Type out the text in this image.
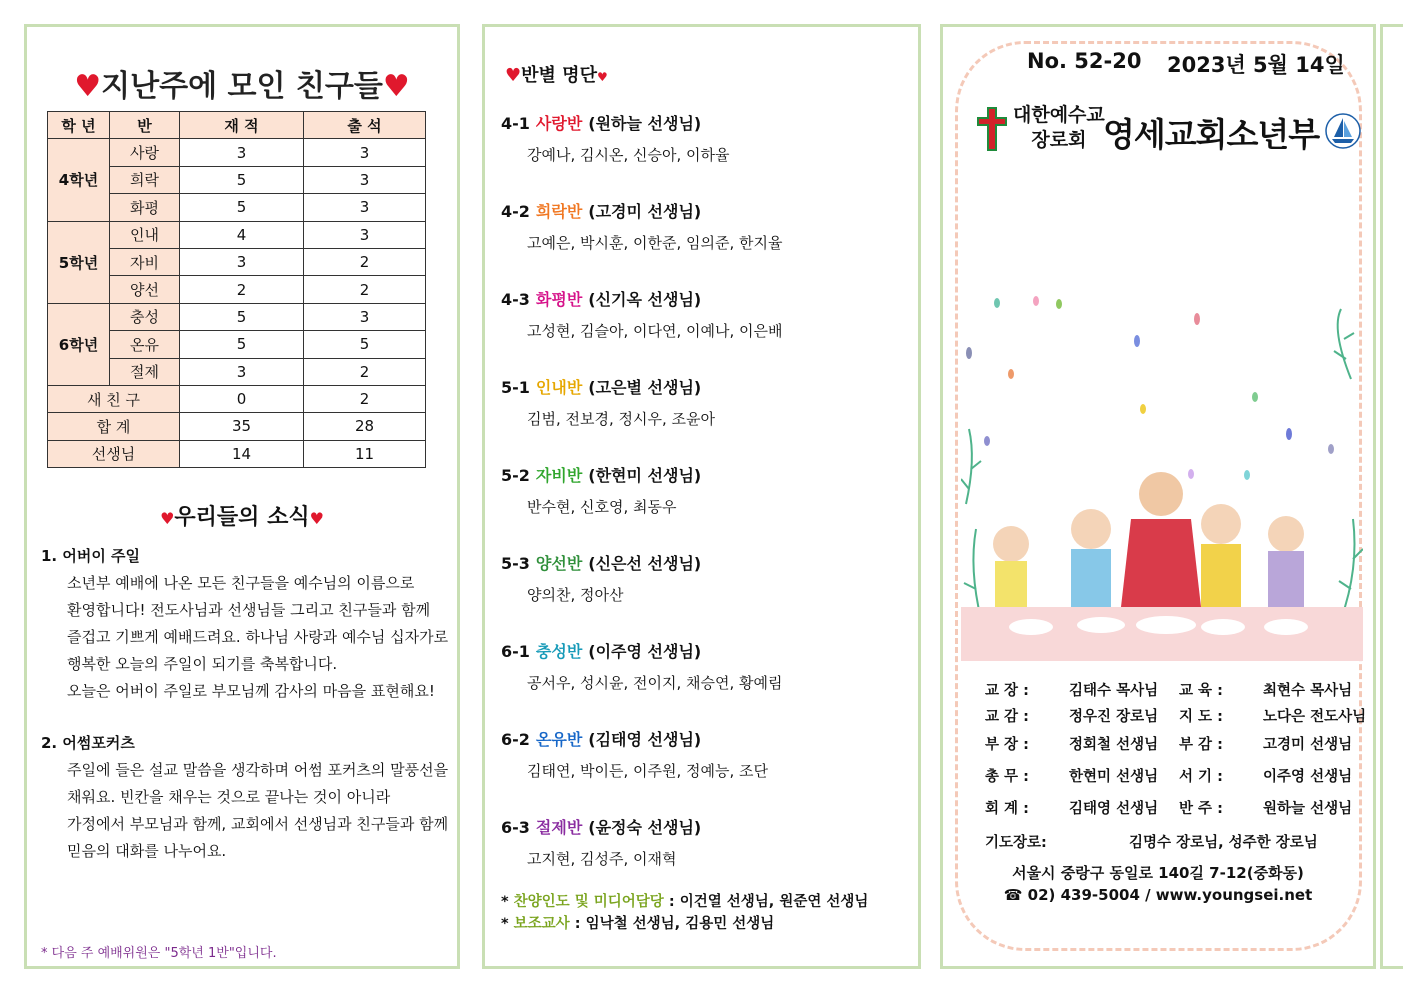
♥지난주에 모인 친구들♥
학 년	반	재 적	출 석
4학년	사랑	3	3
	희락	5	3
	화평	5	3
5학년	인내	4	3
	자비	3	2
	양선	2	2
6학년	충성	5	3
	온유	5	5
	절제	3	2
새 친 구		0	2
합 계		35	28
선생님		14	11
♥우리들의 소식♥
1. 어버이 주일
소년부 예배에 나온 모든 친구들을 예수님의 이름으로
환영합니다! 전도사님과 선생님들 그리고 친구들과 함께
즐겁고 기쁘게 예배드려요. 하나님 사랑과 예수님 십자가로
행복한 오늘의 주일이 되기를 축복합니다.
오늘은 어버이 주일로 부모님께 감사의 마음을 표현해요!
2. 어썸포커츠
주일에 들은 설교 말씀을 생각하며 어썸 포커츠의 말풍선을
채워요. 빈칸을 채우는 것으로 끝나는 것이 아니라
가정에서 부모님과 함께, 교회에서 선생님과 친구들과 함께
믿음의 대화를 나누어요.
* 다음 주 예배위원은 "5학년 1반"입니다.
♥반별 명단♥
4-1 사랑반 (원하늘 선생님)
강예나, 김시온, 신승아, 이하율
4-2 희락반 (고경미 선생님)
고예은, 박시훈, 이한준, 임의준, 한지율
4-3 화평반 (신기옥 선생님)
고성현, 김슬아, 이다연, 이예나, 이은배
5-1 인내반 (고은별 선생님)
김범, 전보경, 정시우, 조윤아
5-2 자비반 (한현미 선생님)
반수현, 신호영, 최동우
5-3 양선반 (신은선 선생님)
양의찬, 정아산
6-1 충성반 (이주영 선생님)
공서우, 성시윤, 전이지, 채승연, 황예림
6-2 온유반 (김태영 선생님)
김태연, 박이든, 이주원, 정예능, 조단
6-3 절제반 (윤정숙 선생님)
고지현, 김성주, 이재혁
* 찬양인도 및 미디어담당 : 이건열 선생님, 원준연 선생님
* 보조교사 : 임낙철 선생님, 김용민 선생님
No. 52-20 2023년 5월 14일
대한예수교
장로회 영세교회소년부
교 장 :	김태수 목사님 교 육 :	최현수 목사님
교 감 :	정우진 장로님 지 도 :	노다은 전도사님
부 장 :	정회철 선생님 부 감 :	고경미 선생님
총 무 :	한현미 선생님 서 기 :	이주영 선생님
회 계 :	김태영 선생님 반 주 :	원하늘 선생님
기도장로:	김명수 장로님, 성주한 장로님
서울시 중랑구 동일로 140길 7-12(중화동)
☎ 02) 439-5004 / www.youngsei.net
